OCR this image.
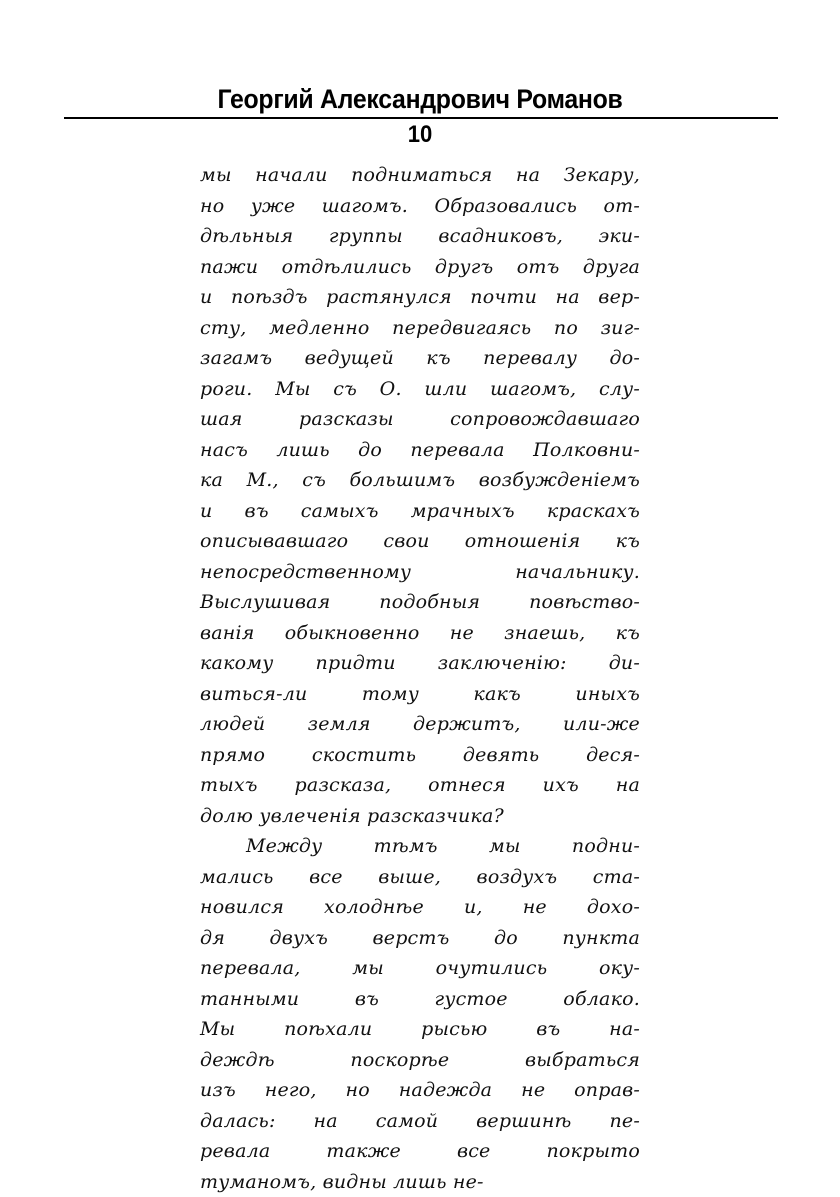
Георгий Александрович Романов
10
мы начали подниматься на Зекару,
но уже шагомъ. Образовались от-
дѣльныя группы всадниковъ, эки-
пажи отдѣлились другъ отъ друга
и поѣздъ растянулся почти на вер-
сту, медленно передвигаясь по зиг-
загамъ ведущей къ перевалу до-
роги. Мы съ О. шли шагомъ, слу-
шая разсказы сопровождавшаго
насъ лишь до перевала Полковни-
ка М., съ большимъ возбужденіемъ
и въ самыхъ мрачныхъ краскахъ
описывавшаго свои отношенія къ
непосредственному начальнику.
Выслушивая подобныя повѣство-
ванія обыкновенно не знаешь, къ
какому придти заключенію: ди-
виться-ли тому какъ иныхъ
людей земля держитъ, или-же
прямо скостить девять деся-
тыхъ разсказа, отнеся ихъ на
долю увлеченія разсказчика?
Между тѣмъ мы подни-
мались все выше, воздухъ ста-
новился холоднѣе и, не дохо-
дя двухъ верстъ до пункта
перевала, мы очутились оку-
танными въ густое облако.
Мы поѣхали рысью въ на-
деждѣ поскорѣе выбраться
изъ него, но надежда не оправ-
далась: на самой вершинѣ пе-
ревала также все покрыто
туманомъ, видны лишь не-
